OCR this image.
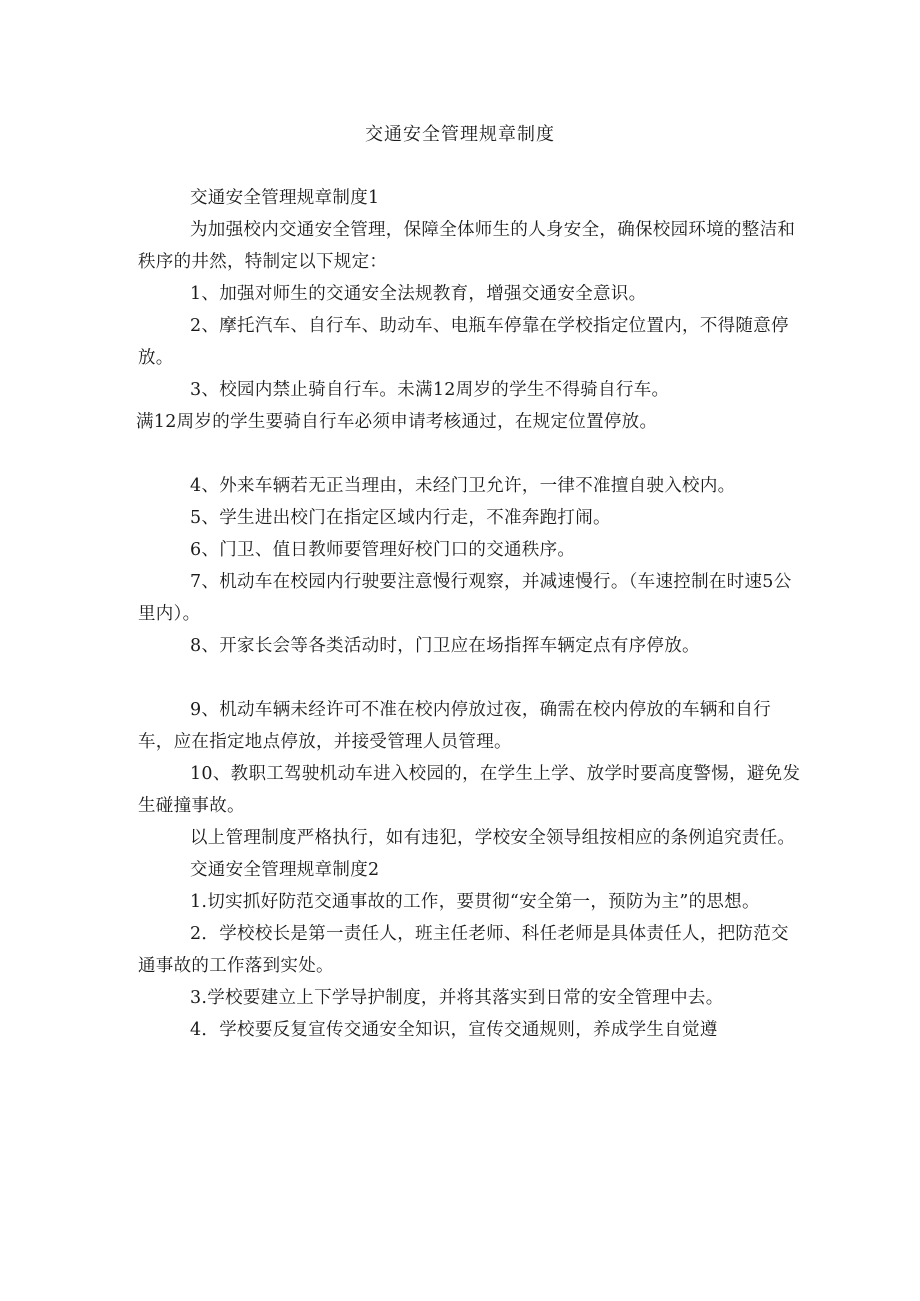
交通安全管理规章制度

交通安全管理规章制度1

为加强校内交通安全管理，保障全体师生的人身安全，确保校园环境的整洁和秩序的井然，特制定以下规定：

1、加强对师生的交通安全法规教育，增强交通安全意识。

2、摩托汽车、自行车、助动车、电瓶车停靠在学校指定位置内，不得随意停放。

3、校园内禁止骑自行车。未满12周岁的学生不得骑自行车。

满12周岁的学生要骑自行车必须申请考核通过，在规定位置停放。

4、外来车辆若无正当理由，未经门卫允许，一律不准擅自驶入校内。

5、学生进出校门在指定区域内行走，不准奔跑打闹。

6、门卫、值日教师要管理好校门口的交通秩序。

7、机动车在校园内行驶要注意慢行观察，并减速慢行。（车速控制在时速5公里内）。

8、开家长会等各类活动时，门卫应在场指挥车辆定点有序停放。

9、机动车辆未经许可不准在校内停放过夜，确需在校内停放的车辆和自行车，应在指定地点停放，并接受管理人员管理。

10、教职工驾驶机动车进入校园的，在学生上学、放学时要高度警惕，避免发生碰撞事故。

以上管理制度严格执行，如有违犯，学校安全领导组按相应的条例追究责任。

交通安全管理规章制度2

1.切实抓好防范交通事故的工作，要贯彻“安全第一，预防为主”的思想。

2．学校校长是第一责任人，班主任老师、科任老师是具体责任人，把防范交通事故的工作落到实处。

3.学校要建立上下学导护制度，并将其落实到日常的安全管理中去。

4．学校要反复宣传交通安全知识，宣传交通规则，养成学生自觉遵
